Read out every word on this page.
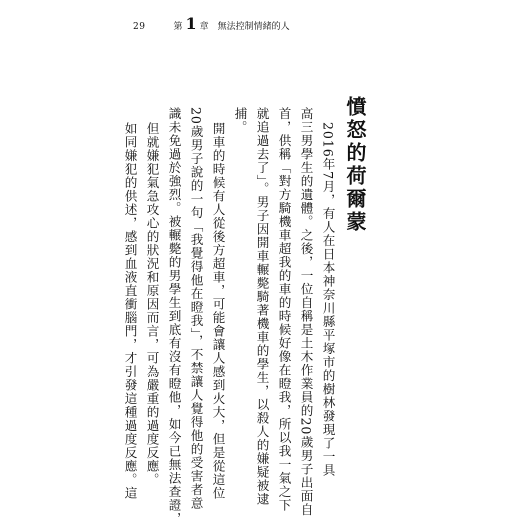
29	第 1 章 無法控制情緒的人
憤怒的荷爾蒙
2016年7月，有人在日本神奈川縣平塚市的樹林發現了一具
高三男學生的遺體。之後，一位自稱是土木作業員的20歲男子出面自
首，供稱「對方騎機車超我的車的時候好像在瞪我，所以我一氣之下
就追過去了」。男子因開車輾斃騎著機車的學生，以殺人的嫌疑被逮
捕。
開車的時候有人從後方超車，可能會讓人感到火大，但是從這位
20歲男子說的一句「我覺得他在瞪我」，不禁讓人覺得他的受害者意
識未免過於強烈。被輾斃的男學生到底有沒有瞪他，如今已無法查證，
但就嫌犯氣急攻心的狀況和原因而言，可為嚴重的過度反應。
如同嫌犯的供述，感到血液直衝腦門，才引發這種過度反應。這
